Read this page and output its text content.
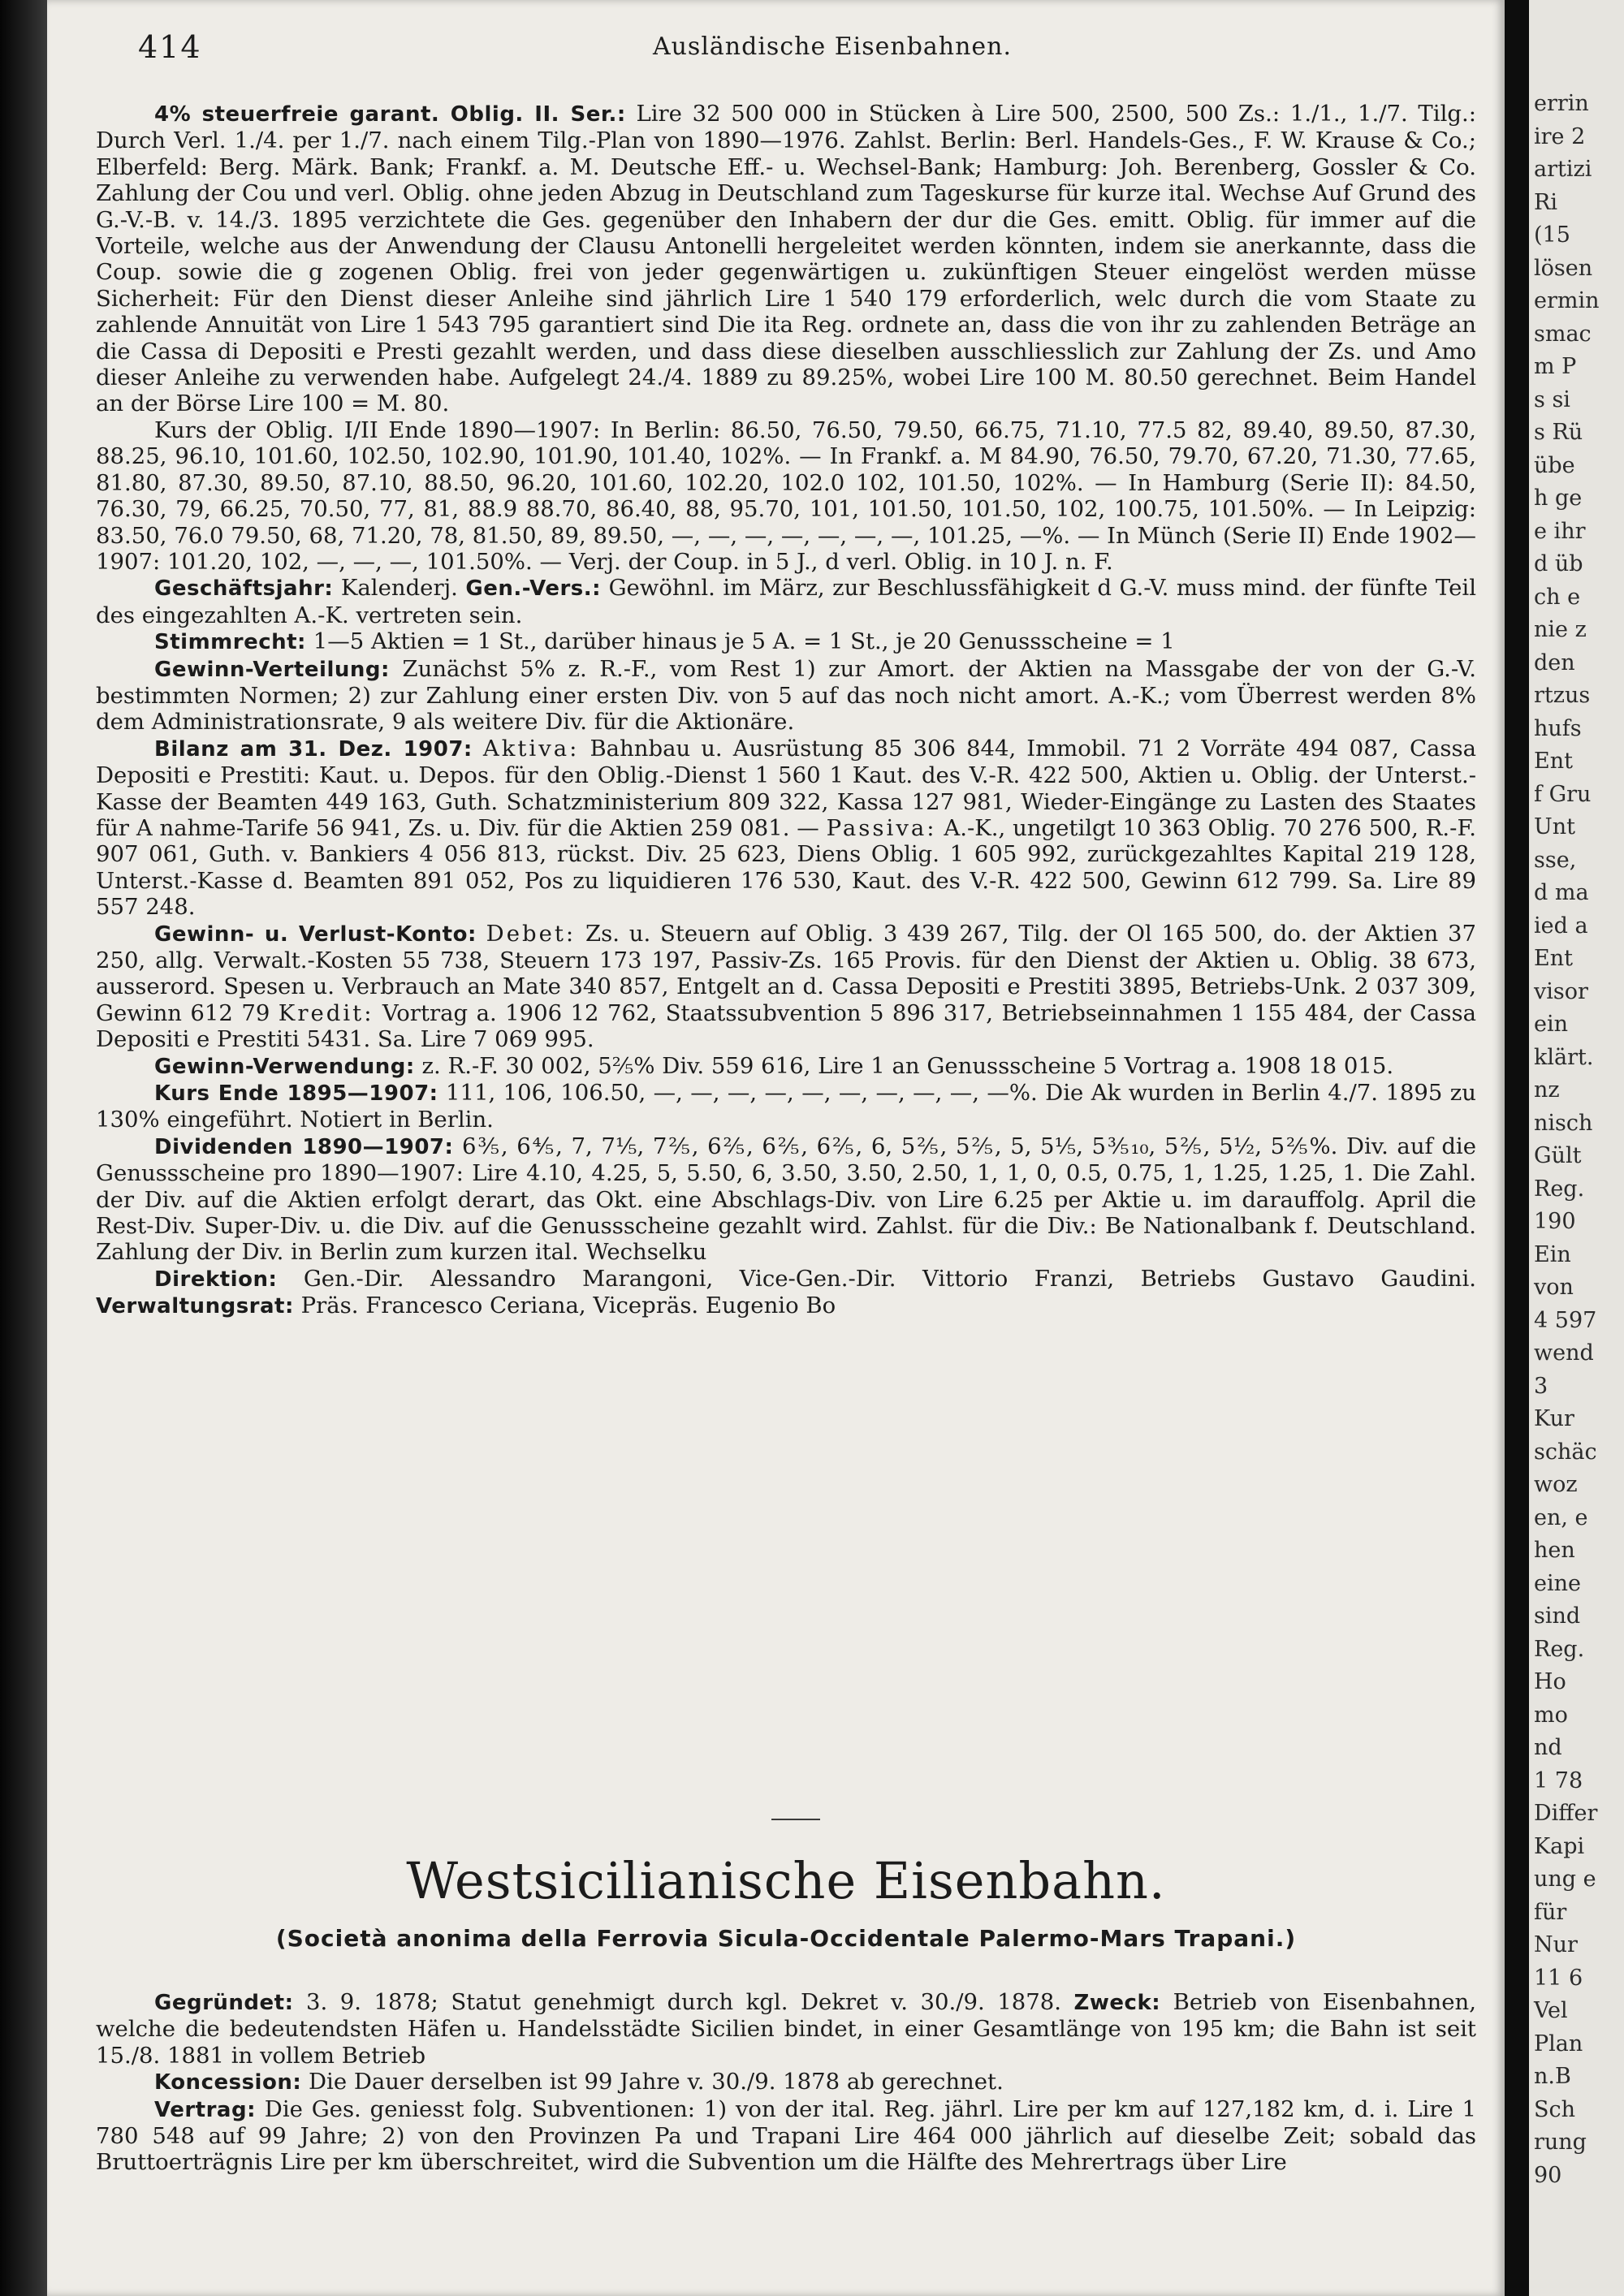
414	Ausländische Eisenbahnen.

4% steuerfreie garant. Oblig. II. Ser.: Lire 32 500 000 in Stücken à Lire 500, 2500, 500 Zs.: 1./1., 1./7. Tilg.: Durch Verl. 1./4. per 1./7. nach einem Tilg.-Plan von 1890—1976. Zahlst. Berlin: Berl. Handels-Ges., F. W. Krause & Co.; Elberfeld: Berg. Märk. Bank; Frankf. a. M. Deutsche Eff.- u. Wechsel-Bank; Hamburg: Joh. Berenberg, Gossler & Co. Zahlung der Cou und verl. Oblig. ohne jeden Abzug in Deutschland zum Tageskurse für kurze ital. Wechse Auf Grund des G.-V.-B. v. 14./3. 1895 verzichtete die Ges. gegenüber den Inhabern der dur die Ges. emitt. Oblig. für immer auf die Vorteile, welche aus der Anwendung der Clausu Antonelli hergeleitet werden könnten, indem sie anerkannte, dass die Coup. sowie die g zogenen Oblig. frei von jeder gegenwärtigen u. zukünftigen Steuer eingelöst werden müsse Sicherheit: Für den Dienst dieser Anleihe sind jährlich Lire 1 540 179 erforderlich, welc durch die vom Staate zu zahlende Annuität von Lire 1 543 795 garantiert sind Die ita Reg. ordnete an, dass die von ihr zu zahlenden Beträge an die Cassa di Depositi e Presti gezahlt werden, und dass diese dieselben ausschliesslich zur Zahlung der Zs. und Amo dieser Anleihe zu verwenden habe. Aufgelegt 24./4. 1889 zu 89.25%, wobei Lire 100 M. 80.50 gerechnet. Beim Handel an der Börse Lire 100 = M. 80.

Kurs der Oblig. I/II Ende 1890—1907: In Berlin: 86.50, 76.50, 79.50, 66.75, 71.10, 77.5 82, 89.40, 89.50, 87.30, 88.25, 96.10, 101.60, 102.50, 102.90, 101.90, 101.40, 102%. — In Frankf. a. M 84.90, 76.50, 79.70, 67.20, 71.30, 77.65, 81.80, 87.30, 89.50, 87.10, 88.50, 96.20, 101.60, 102.20, 102.0 102, 101.50, 102%. — In Hamburg (Serie II): 84.50, 76.30, 79, 66.25, 70.50, 77, 81, 88.9 88.70, 86.40, 88, 95.70, 101, 101.50, 101.50, 102, 100.75, 101.50%. — In Leipzig: 83.50, 76.0 79.50, 68, 71.20, 78, 81.50, 89, 89.50, —, —, —, —, —, —, —, 101.25, —%. — In Münch (Serie II) Ende 1902—1907: 101.20, 102, —, —, —, 101.50%. — Verj. der Coup. in 5 J., d verl. Oblig. in 10 J. n. F.

Geschäftsjahr: Kalenderj. Gen.-Vers.: Gewöhnl. im März, zur Beschlussfähigkeit d G.-V. muss mind. der fünfte Teil des eingezahlten A.-K. vertreten sein.

Stimmrecht: 1—5 Aktien = 1 St., darüber hinaus je 5 A. = 1 St., je 20 Genussscheine = 1

Gewinn-Verteilung: Zunächst 5% z. R.-F., vom Rest 1) zur Amort. der Aktien na Massgabe der von der G.-V. bestimmten Normen; 2) zur Zahlung einer ersten Div. von 5 auf das noch nicht amort. A.-K.; vom Überrest werden 8% dem Administrationsrate, 9 als weitere Div. für die Aktionäre.

Bilanz am 31. Dez. 1907: Aktiva: Bahnbau u. Ausrüstung 85 306 844, Immobil. 71 2 Vorräte 494 087, Cassa Depositi e Prestiti: Kaut. u. Depos. für den Oblig.-Dienst 1 560 1 Kaut. des V.-R. 422 500, Aktien u. Oblig. der Unterst.-Kasse der Beamten 449 163, Guth. Schatzministerium 809 322, Kassa 127 981, Wieder-Eingänge zu Lasten des Staates für A nahme-Tarife 56 941, Zs. u. Div. für die Aktien 259 081. — Passiva: A.-K., ungetilgt 10 363 Oblig. 70 276 500, R.-F. 907 061, Guth. v. Bankiers 4 056 813, rückst. Div. 25 623, Diens Oblig. 1 605 992, zurückgezahltes Kapital 219 128, Unterst.-Kasse d. Beamten 891 052, Pos zu liquidieren 176 530, Kaut. des V.-R. 422 500, Gewinn 612 799. Sa. Lire 89 557 248.

Gewinn- u. Verlust-Konto: Debet: Zs. u. Steuern auf Oblig. 3 439 267, Tilg. der Ol 165 500, do. der Aktien 37 250, allg. Verwalt.-Kosten 55 738, Steuern 173 197, Passiv-Zs. 165 Provis. für den Dienst der Aktien u. Oblig. 38 673, ausserord. Spesen u. Verbrauch an Mate 340 857, Entgelt an d. Cassa Depositi e Prestiti 3895, Betriebs-Unk. 2 037 309, Gewinn 612 79 Kredit: Vortrag a. 1906 12 762, Staatssubvention 5 896 317, Betriebseinnahmen 1 155 484, der Cassa Depositi e Prestiti 5431. Sa. Lire 7 069 995.

Gewinn-Verwendung: z. R.-F. 30 002, 5⅖% Div. 559 616, Lire 1 an Genussscheine 5 Vortrag a. 1908 18 015.

Kurs Ende 1895—1907: 111, 106, 106.50, —, —, —, —, —, —, —, —, —, —%. Die Ak wurden in Berlin 4./7. 1895 zu 130% eingeführt. Notiert in Berlin.

Dividenden 1890—1907: 6⅗, 6⅘, 7, 7⅕, 7⅖, 6⅖, 6⅖, 6⅖, 6, 5⅖, 5⅖, 5, 5⅕, 5⅗₁₀, 5⅖, 5½, 5⅖%. Div. auf die Genussscheine pro 1890—1907: Lire 4.10, 4.25, 5, 5.50, 6, 3.50, 3.50, 2.50, 1, 1, 0, 0.5, 0.75, 1, 1.25, 1.25, 1. Die Zahl. der Div. auf die Aktien erfolgt derart, das Okt. eine Abschlags-Div. von Lire 6.25 per Aktie u. im darauffolg. April die Rest-Div. Super-Div. u. die Div. auf die Genussscheine gezahlt wird. Zahlst. für die Div.: Be Nationalbank f. Deutschland. Zahlung der Div. in Berlin zum kurzen ital. Wechselku

Direktion: Gen.-Dir. Alessandro Marangoni, Vice-Gen.-Dir. Vittorio Franzi, Betriebs Gustavo Gaudini. Verwaltungsrat: Präs. Francesco Ceriana, Vicepräs. Eugenio Bo

Westsicilianische Eisenbahn.
(Società anonima della Ferrovia Sicula-Occidentale Palermo-Mars Trapani.)

Gegründet: 3. 9. 1878; Statut genehmigt durch kgl. Dekret v. 30./9. 1878. Zweck: Betrieb von Eisenbahnen, welche die bedeutendsten Häfen u. Handelsstädte Sicilien bindet, in einer Gesamtlänge von 195 km; die Bahn ist seit 15./8. 1881 in vollem Betrieb

Koncession: Die Dauer derselben ist 99 Jahre v. 30./9. 1878 ab gerechnet.

Vertrag: Die Ges. geniesst folg. Subventionen: 1) von der ital. Reg. jährl. Lire per km auf 127,182 km, d. i. Lire 1 780 548 auf 99 Jahre; 2) von den Provinzen Pa und Trapani Lire 464 000 jährlich auf dieselbe Zeit; sobald das Bruttoerträgnis Lire per km überschreitet, wird die Subvention um die Hälfte des Mehrertrags über Lire

errin
ire 2
artizi
Ri
(15
lösen
ermin
smac
m P
s si
s Rü
übe
h ge
e ihr
d üb
ch e
nie z
den
rtzus
hufs
Ent
f Gru
Unt
sse,
d ma
ied a
Ent
visor
ein
klärt.
nz
nisch
Gült
Reg.
190
Ein
von
4 597
wend
3
Kur
schäc
woz
en, e
hen
eine
sind
Reg.
Ho
mo
nd
1 78
Differ
Kapi
ung e
für
Nur
11 6
Vel
Plan
n.B
Sch
rung
90
